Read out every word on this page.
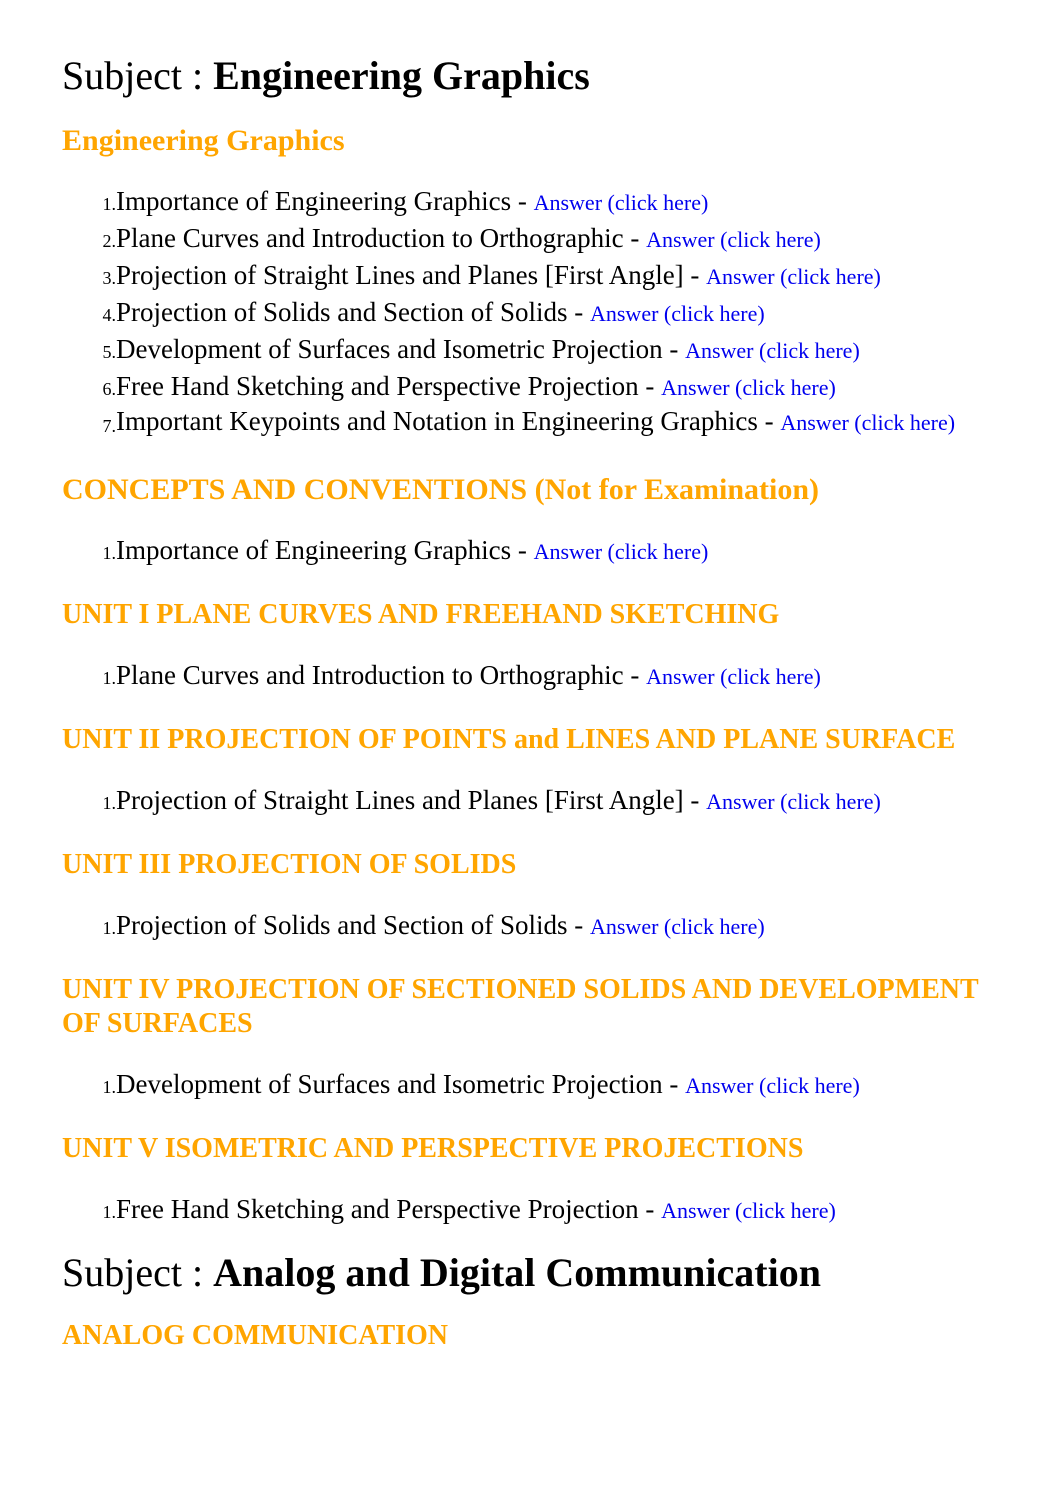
Subject : Engineering Graphics
Engineering Graphics
1. Importance of Engineering Graphics - Answer (click here)
2. Plane Curves and Introduction to Orthographic - Answer (click here)
3. Projection of Straight Lines and Planes [First Angle] - Answer (click here)
4. Projection of Solids and Section of Solids - Answer (click here)
5. Development of Surfaces and Isometric Projection - Answer (click here)
6. Free Hand Sketching and Perspective Projection - Answer (click here)
7. Important Keypoints and Notation in Engineering Graphics - Answer (click here)
CONCEPTS AND CONVENTIONS (Not for Examination)
1. Importance of Engineering Graphics - Answer (click here)
UNIT I PLANE CURVES AND FREEHAND SKETCHING
1. Plane Curves and Introduction to Orthographic - Answer (click here)
UNIT II PROJECTION OF POINTS and LINES AND PLANE SURFACE
1. Projection of Straight Lines and Planes [First Angle] - Answer (click here)
UNIT III PROJECTION OF SOLIDS
1. Projection of Solids and Section of Solids - Answer (click here)
UNIT IV PROJECTION OF SECTIONED SOLIDS AND DEVELOPMENT OF SURFACES
1. Development of Surfaces and Isometric Projection - Answer (click here)
UNIT V ISOMETRIC AND PERSPECTIVE PROJECTIONS
1. Free Hand Sketching and Perspective Projection - Answer (click here)
Subject : Analog and Digital Communication
ANALOG COMMUNICATION
